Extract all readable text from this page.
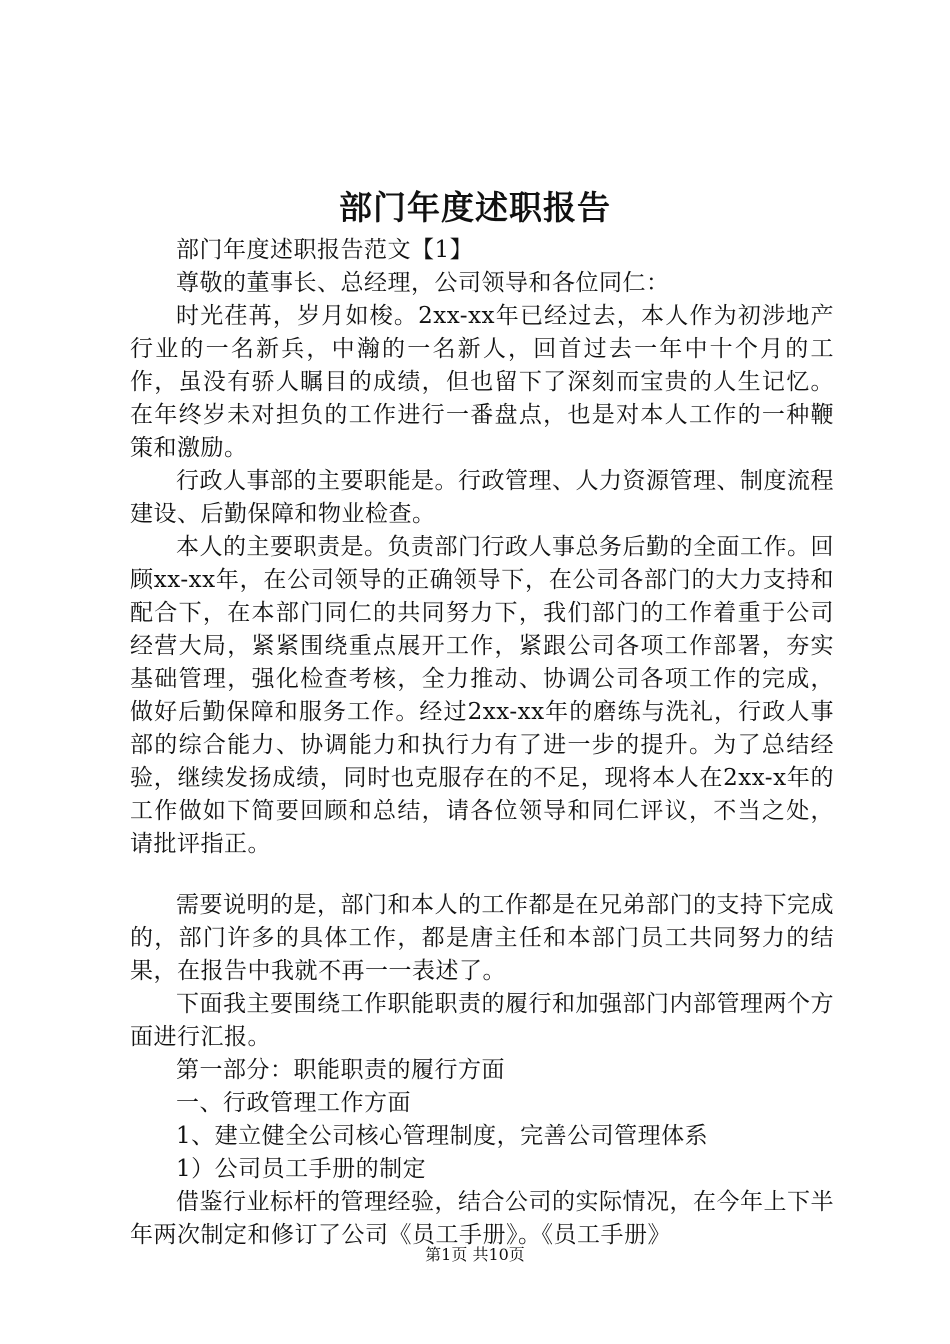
部门年度述职报告

部门年度述职报告范文【1】

尊敬的董事长、总经理，公司领导和各位同仁：

时光荏苒，岁月如梭。2xx-xx年已经过去，本人作为初涉地产行业的一名新兵，中瀚的一名新人，回首过去一年中十个月的工作，虽没有骄人瞩目的成绩，但也留下了深刻而宝贵的人生记忆。在年终岁未对担负的工作进行一番盘点，也是对本人工作的一种鞭策和激励。

行政人事部的主要职能是。行政管理、人力资源管理、制度流程建设、后勤保障和物业检查。

本人的主要职责是。负责部门行政人事总务后勤的全面工作。回顾xx-xx年，在公司领导的正确领导下，在公司各部门的大力支持和配合下，在本部门同仁的共同努力下，我们部门的工作着重于公司经营大局，紧紧围绕重点展开工作，紧跟公司各项工作部署，夯实基础管理，强化检查考核，全力推动、协调公司各项工作的完成，做好后勤保障和服务工作。经过2xx-xx年的磨练与洗礼，行政人事部的综合能力、协调能力和执行力有了进一步的提升。为了总结经验，继续发扬成绩，同时也克服存在的不足，现将本人在2xx-x年的工作做如下简要回顾和总结，请各位领导和同仁评议，不当之处，请批评指正。

需要说明的是，部门和本人的工作都是在兄弟部门的支持下完成的，部门许多的具体工作，都是唐主任和本部门员工共同努力的结果，在报告中我就不再一一表述了。

下面我主要围绕工作职能职责的履行和加强部门内部管理两个方面进行汇报。

第一部分：职能职责的履行方面

一、行政管理工作方面

1、建立健全公司核心管理制度，完善公司管理体系

1）公司员工手册的制定

借鉴行业标杆的管理经验，结合公司的实际情况，在今年上下半年两次制定和修订了公司《员工手册》。《员工手册》

第1页 共10页
